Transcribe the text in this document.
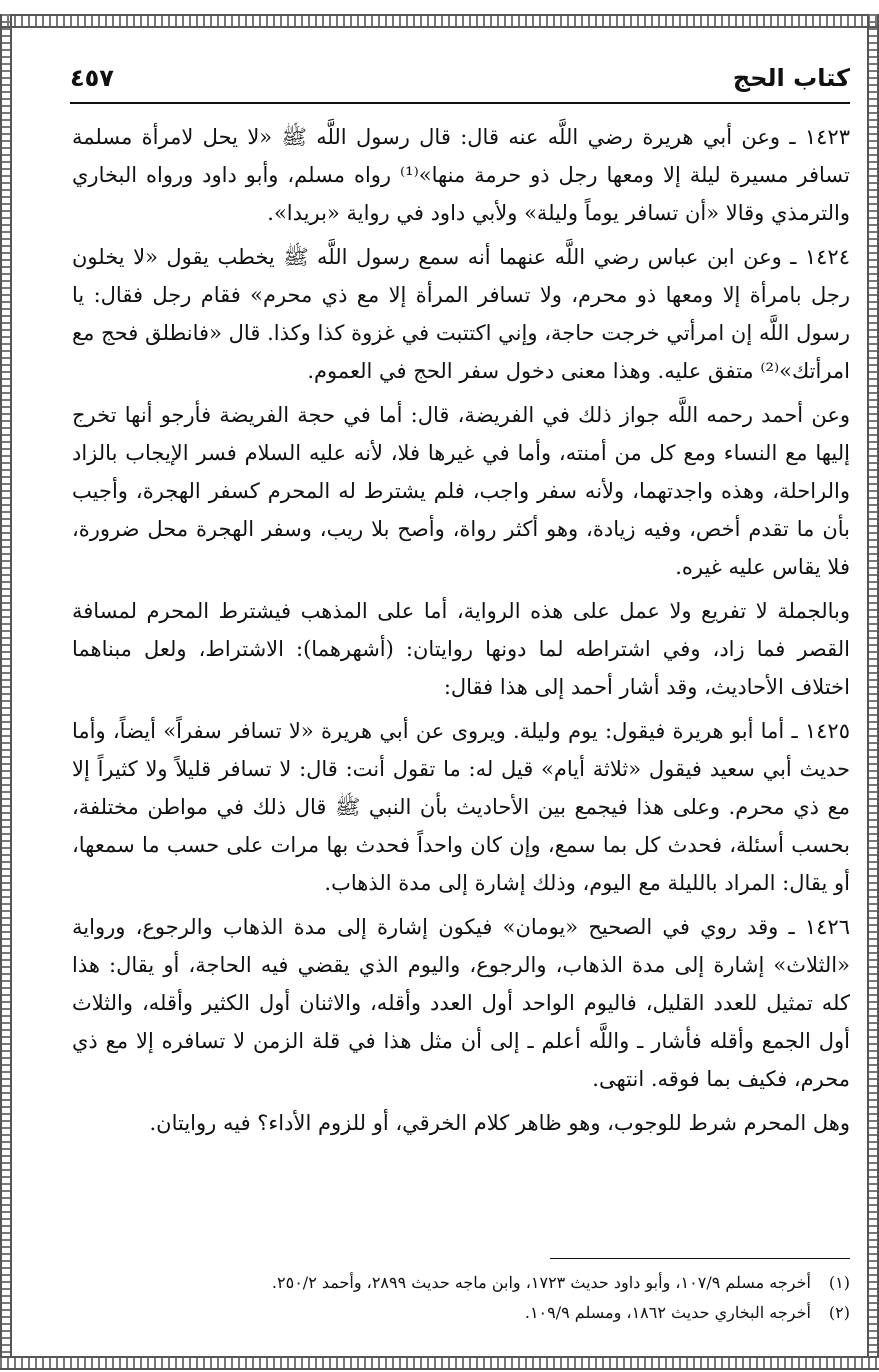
كتاب الحج
٤٥٧

١٤٢٣ ـ وعن أبي هريرة رضي اللَّه عنه قال: قال رسول اللَّه ﷺ «لا يحل لامرأة مسلمة تسافر مسيرة ليلة إلا ومعها رجل ذو حرمة منها»⁽¹⁾ رواه مسلم، وأبو داود ورواه البخاري والترمذي وقالا «أن تسافر يوماً وليلة» ولأبي داود في رواية «بريدا».

١٤٢٤ ـ وعن ابن عباس رضي اللَّه عنهما أنه سمع رسول اللَّه ﷺ يخطب يقول «لا يخلون رجل بامرأة إلا ومعها ذو محرم، ولا تسافر المرأة إلا مع ذي محرم» فقام رجل فقال: يا رسول اللَّه إن امرأتي خرجت حاجة، وإني اكتتبت في غزوة كذا وكذا. قال «فانطلق فحج مع امرأتك»⁽²⁾ متفق عليه. وهذا معنى دخول سفر الحج في العموم.

وعن أحمد رحمه اللَّه جواز ذلك في الفريضة، قال: أما في حجة الفريضة فأرجو أنها تخرج إليها مع النساء ومع كل من أمنته، وأما في غيرها فلا، لأنه عليه السلام فسر الإيجاب بالزاد والراحلة، وهذه واجدتهما، ولأنه سفر واجب، فلم يشترط له المحرم كسفر الهجرة، وأجيب بأن ما تقدم أخص، وفيه زيادة، وهو أكثر رواة، وأصح بلا ريب، وسفر الهجرة محل ضرورة، فلا يقاس عليه غيره.

وبالجملة لا تفريع ولا عمل على هذه الرواية، أما على المذهب فيشترط المحرم لمسافة القصر فما زاد، وفي اشتراطه لما دونها روايتان: (أشهرهما): الاشتراط، ولعل مبناهما اختلاف الأحاديث، وقد أشار أحمد إلى هذا فقال:

١٤٢٥ ـ أما أبو هريرة فيقول: يوم وليلة. ويروى عن أبي هريرة «لا تسافر سفراً» أيضاً، وأما حديث أبي سعيد فيقول «ثلاثة أيام» قيل له: ما تقول أنت: قال: لا تسافر قليلاً ولا كثيراً إلا مع ذي محرم. وعلى هذا فيجمع بين الأحاديث بأن النبي ﷺ قال ذلك في مواطن مختلفة، بحسب أسئلة، فحدث كل بما سمع، وإن كان واحداً فحدث بها مرات على حسب ما سمعها، أو يقال: المراد بالليلة مع اليوم، وذلك إشارة إلى مدة الذهاب.

١٤٢٦ ـ وقد روي في الصحيح «يومان» فيكون إشارة إلى مدة الذهاب والرجوع، ورواية «الثلاث» إشارة إلى مدة الذهاب، والرجوع، واليوم الذي يقضي فيه الحاجة، أو يقال: هذا كله تمثيل للعدد القليل، فاليوم الواحد أول العدد وأقله، والاثنان أول الكثير وأقله، والثلاث أول الجمع وأقله فأشار ـ واللَّه أعلم ـ إلى أن مثل هذا في قلة الزمن لا تسافره إلا مع ذي محرم، فكيف بما فوقه. انتهى.

وهل المحرم شرط للوجوب، وهو ظاهر كلام الخرقي، أو للزوم الأداء؟ فيه روايتان.

(١)
أخرجه مسلم ١٠٧/٩، وأبو داود حديث ١٧٢٣، وابن ماجه حديث ٢٨٩٩، وأحمد ٢٥٠/٢.

(٢)
أخرجه البخاري حديث ١٨٦٢، ومسلم ١٠٩/٩.
